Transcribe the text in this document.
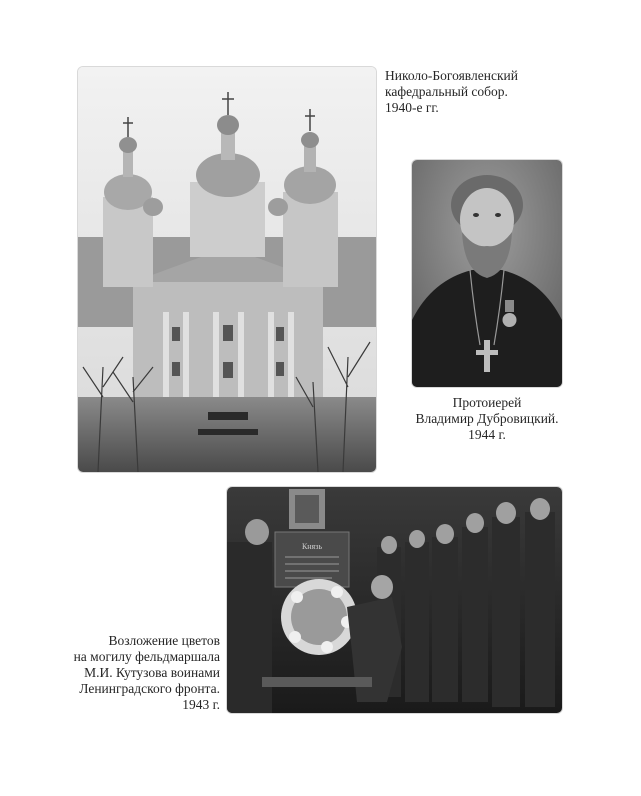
Николо-Богоявленский
кафедральный собор.
1940-е гг.
Протоиерей
Владимир Дубровицкий.
1944 г.
Князь
Возложение цветов
на могилу фельдмаршала
М.И. Кутузова воинами
Ленинградского фронта.
1943 г.
